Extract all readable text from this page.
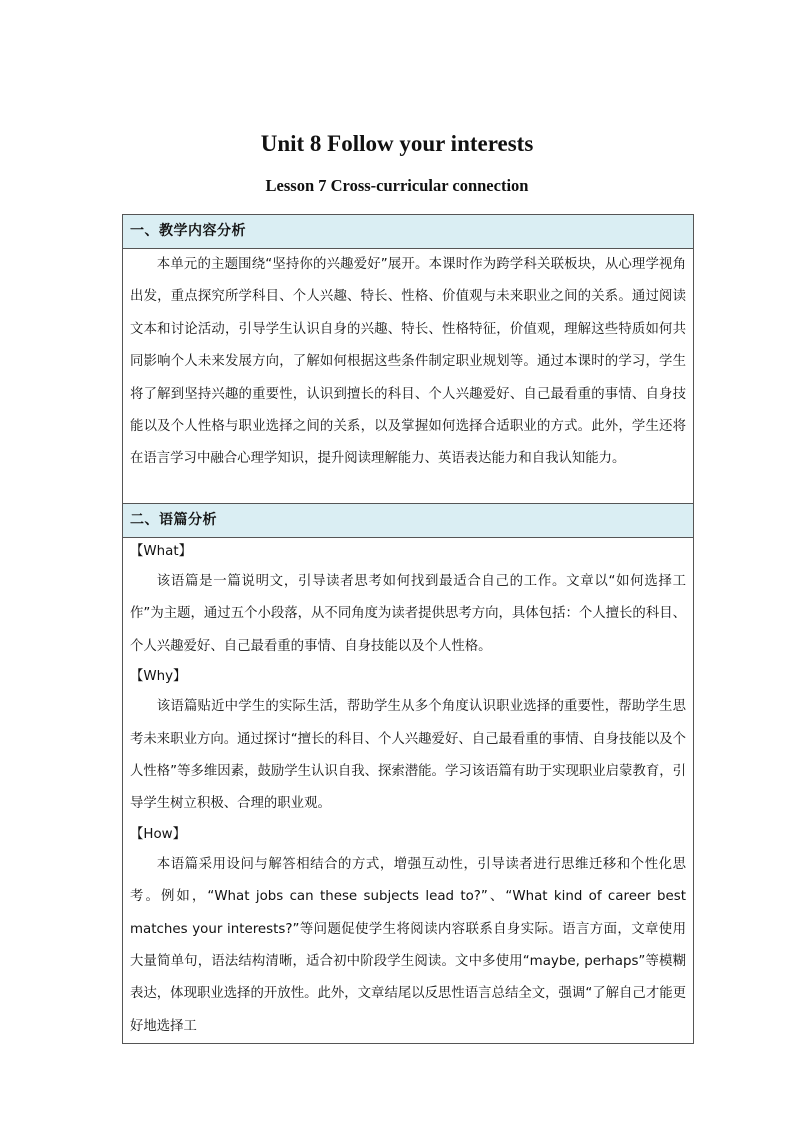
Unit 8 Follow your interests
Lesson 7 Cross-curricular connection
一、教学内容分析

本单元的主题围绕“坚持你的兴趣爱好”展开。本课时作为跨学科关联板块，从心理学视角出发，重点探究所学科目、个人兴趣、特长、性格、价值观与未来职业之间的关系。通过阅读文本和讨论活动，引导学生认识自身的兴趣、特长、性格特征，价值观，理解这些特质如何共同影响个人未来发展方向，了解如何根据这些条件制定职业规划等。通过本课时的学习，学生将了解到坚持兴趣的重要性，认识到擅长的科目、个人兴趣爱好、自己最看重的事情、自身技能以及个人性格与职业选择之间的关系，以及掌握如何选择合适职业的方式。此外，学生还将在语言学习中融合心理学知识，提升阅读理解能力、英语表达能力和自我认知能力。

二、语篇分析

【What】

该语篇是一篇说明文，引导读者思考如何找到最适合自己的工作。文章以“如何选择工作”为主题，通过五个小段落，从不同角度为读者提供思考方向，具体包括：个人擅长的科目、个人兴趣爱好、自己最看重的事情、自身技能以及个人性格。

【Why】

该语篇贴近中学生的实际生活，帮助学生从多个角度认识职业选择的重要性，帮助学生思考未来职业方向。通过探讨“擅长的科目、个人兴趣爱好、自己最看重的事情、自身技能以及个人性格”等多维因素，鼓励学生认识自我、探索潜能。学习该语篇有助于实现职业启蒙教育，引导学生树立积极、合理的职业观。

【How】

本语篇采用设问与解答相结合的方式，增强互动性，引导读者进行思维迁移和个性化思考。例如，“What jobs can these subjects lead to?”、“What kind of career best matches your interests?”等问题促使学生将阅读内容联系自身实际。语言方面，文章使用大量简单句，语法结构清晰，适合初中阶段学生阅读。文中多使用“maybe, perhaps”等模糊表达，体现职业选择的开放性。此外，文章结尾以反思性语言总结全文，强调“了解自己才能更好地选择工
